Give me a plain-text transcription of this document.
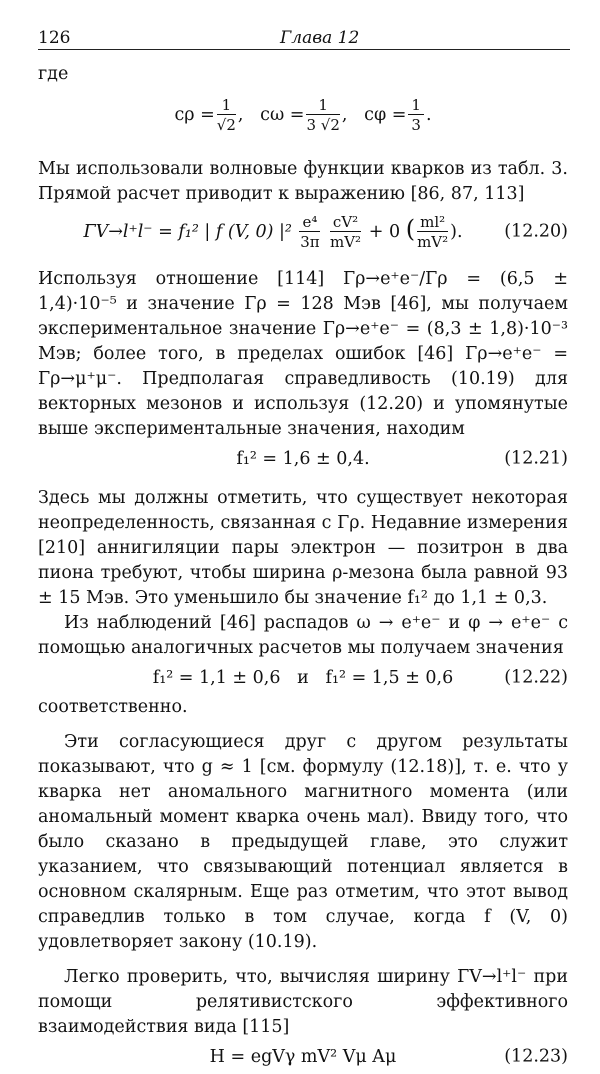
126	Глава 12

где

$c\rho = \frac{1}{√2}$ , $c\omega = \frac{1}{3 √2}$ , $c\varphi = \frac{1}{3}$ .

Мы использовали волновые функции кварков из табл. 3. Прямой расчет приводит к выражению [86, 87, 113]

ΓV→l⁺l⁻ = f₁² | f (V, 0) $|^2 \frac{\text{e⁴}}{3\pi}$
$\frac{\text{cV²}}{\text{mV²}} + 0$ ( $\frac{\text{ml²}}{\text{mV²}}$ ). (12.20)

Используя отношение [114] Γρ→e⁺e⁻/Γρ = (6,5 ± 1,4)·10⁻⁵ и значение Γρ = 128 Мэв [46], мы получаем экспериментальное значение Γρ→e⁺e⁻ = (8,3 ± 1,8)·10⁻³ Мэв; более того, в пределах ошибок [46] Γρ→e⁺e⁻ = Γρ→μ⁺μ⁻. Предполагая справедливость (10.19) для векторных мезонов и используя (12.20) и упомянутые выше экспериментальные значения, находим

f₁² = 1,6 ± 0,4.	(12.21)

Здесь мы должны отметить, что существует некоторая неопределенность, связанная с Γρ. Недавние измерения [210] аннигиляции пары электрон — позитрон в два пиона требуют, чтобы ширина ρ-мезона была равной 93 ± 15 Мэв. Это уменьшило бы значение f₁² до 1,1 ± 0,3.

Из наблюдений [46] распадов ω → e⁺e⁻ и φ → e⁺e⁻ с помощью аналогичных расчетов мы получаем значения

f₁² = 1,1 ± 0,6   и   f₁² = 1,5 ± 0,6	(12.22)

соответственно.

Эти согласующиеся друг с другом результаты показывают, что g ≈ 1 [см. формулу (12.18)], т. е. что у кварка нет аномального магнитного момента (или аномальный момент кварка очень мал). Ввиду того, что было сказано в предыдущей главе, это служит указанием, что связывающий потенциал является в основном скалярным. Еще раз отметим, что этот вывод справедлив только в том случае, когда f (V, 0) удовлетворяет закону (10.19).

Легко проверить, что, вычисляя ширину ΓV→l⁺l⁻ при помощи релятивистского эффективного взаимодействия вида [115]

H = egVγ mV² Vμ Aμ	(12.23)
